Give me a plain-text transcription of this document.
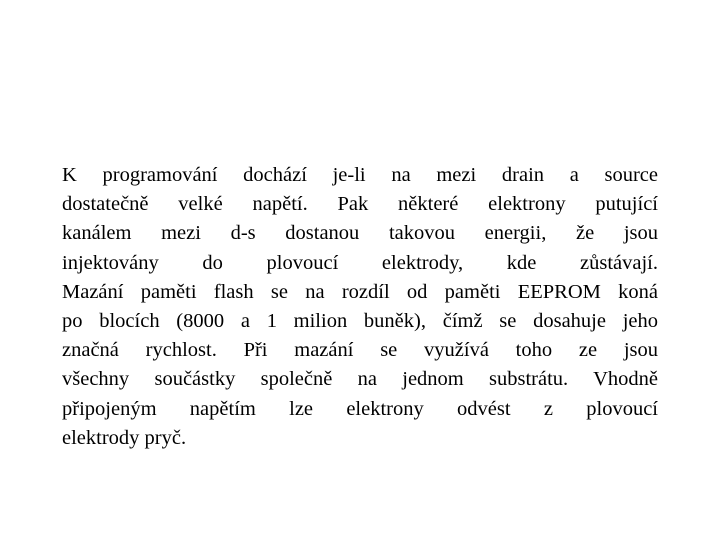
K programování dochází je-li na mezi drain a source
dostatečně velké napětí. Pak některé elektrony putující
kanálem mezi d-s dostanou takovou energii, že jsou
injektovány do plovoucí elektrody, kde zůstávají.
Mazání paměti flash se na rozdíl od paměti EEPROM koná
po blocích (8000 a 1 milion buněk), čímž se dosahuje jeho
značná rychlost. Při mazání se využívá toho ze jsou
všechny součástky společně na jednom substrátu. Vhodně
připojeným napětím lze elektrony odvést z plovoucí
elektrody pryč.
